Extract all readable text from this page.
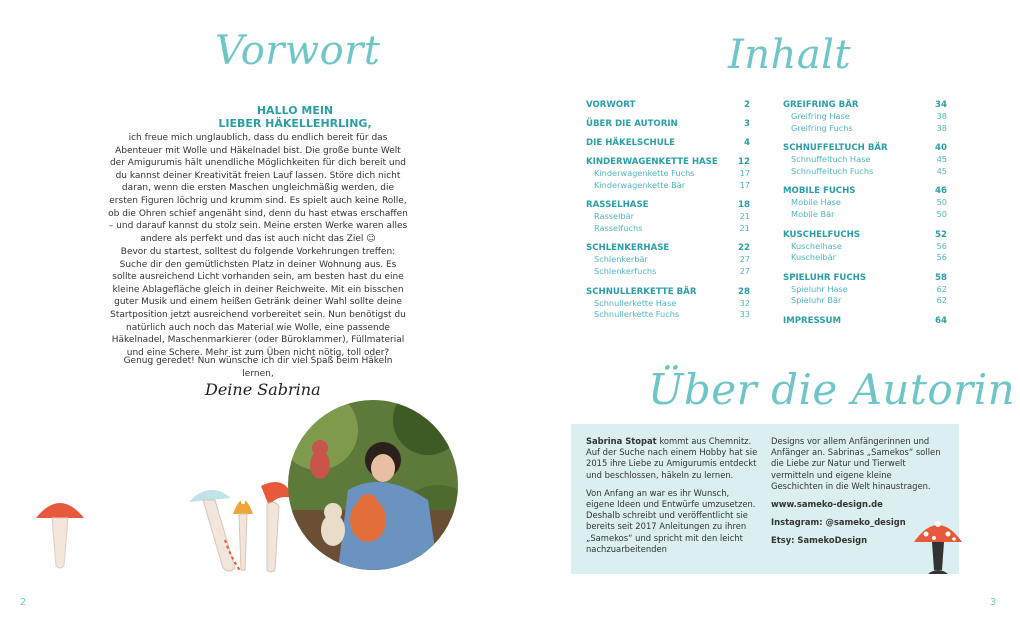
Vorwort
HALLO MEIN
LIEBER HÄKELLEHRLING,
ich freue mich unglaublich, dass du endlich bereit für das Abenteuer mit Wolle und Häkelnadel bist. Die große bunte Welt der Amigurumis hält unendliche Möglichkeiten für dich bereit und du kannst deiner Kreativität freien Lauf lassen. Störe dich nicht daran, wenn die ersten Maschen ungleichmäßig werden, die ersten Figuren löchrig und krumm sind. Es spielt auch keine Rolle, ob die Ohren schief angenäht sind, denn du hast etwas erschaffen – und darauf kannst du stolz sein. Meine ersten Werke waren alles andere als perfekt und das ist auch nicht das Ziel ☺
Bevor du startest, solltest du folgende Vorkehrungen treffen: Suche dir den gemütlichsten Platz in deiner Wohnung aus. Es sollte ausreichend Licht vorhanden sein, am besten hast du eine kleine Ablagefläche gleich in deiner Reichweite. Mit ein bisschen guter Musik und einem heißen Getränk deiner Wahl sollte deine Startposition jetzt ausreichend vorbereitet sein. Nun benötigst du natürlich auch noch das Material wie Wolle, eine passende Häkelnadel, Maschenmarkierer (oder Büroklammer), Füllmaterial und eine Schere. Mehr ist zum Üben nicht nötig, toll oder?
Genug geredet! Nun wünsche ich dir viel Spaß beim Häkeln lernen,
Deine Sabrina
2
Inhalt
VORWORT	2
ÜBER DIE AUTORIN	3
DIE HÄKELSCHULE	4
KINDERWAGENKETTE HASE 12
Kinderwagenkette Fuchs	17
Kinderwagenkette Bär	17
RASSELHASE	18
Rasselbär	21
Rasselfuchs	21
SCHLENKERHASE	22
Schlenkerbär	27
Schlenkerfuchs	27
SCHNULLERKETTE BÄR	28
Schnullerkette Hase	32
Schnullerkette Fuchs	33
GREIFRING BÄR	34
Greifring Hase	38
Greifring Fuchs	38
SCHNUFFELTUCH BÄR	40
Schnuffeltuch Hase	45
Schnuffeltuch Fuchs	45
MOBILE FUCHS	46
Mobile Hase	50
Mobile Bär	50
KUSCHELFUCHS	52
Kuschelhase	56
Kuschelbär	56
SPIELUHR FUCHS	58
Spieluhr Hase	62
Spieluhr Bär	62
IMPRESSUM	64
Über die Autorin

Sabrina Stopat kommt aus Chemnitz. Auf der Suche nach einem Hobby hat sie 2015 ihre Liebe zu Amigurumis entdeckt und beschlossen, häkeln zu lernen.

Von Anfang an war es ihr Wunsch, eigene Ideen und Entwürfe umzusetzen. Deshalb schreibt und veröffentlicht sie bereits seit 2017 Anleitungen zu ihren „Samekos“ und spricht mit den leicht nachzuarbeitenden

Designs vor allem Anfängerinnen und Anfänger an. Sabrinas „Samekos“ sollen die Liebe zur Natur und Tierwelt vermitteln und eigene kleine Geschichten in die Welt hinaustragen.

www.sameko-design.de

Instagram: @sameko_design

Etsy: SamekoDesign

3
